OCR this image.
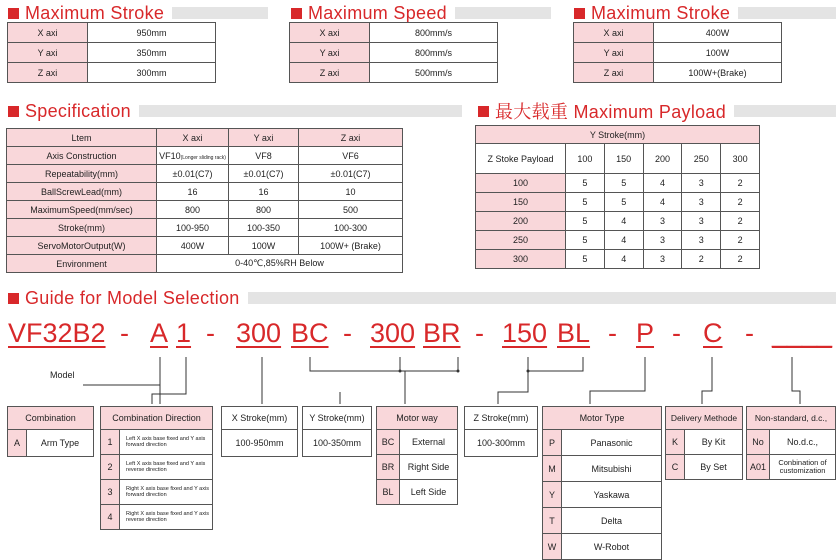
Maximum Stroke	Maximum Speed	Maximum Stroke
X axi	950mm
Y axi	350mm
Z axi	300mm
X axi	800mm/s
Y axi	800mm/s
Z axi	500mm/s
X axi	400W
Y axi	100W
Z axi	100W+(Brake)
Specification
Ltem	X axi	Y axi	Z axi
Axis Construction	VF10(Longer sliding rack)	VF8	VF6
Repeatability(mm)	±0.01(C7)	±0.01(C7)	±0.01(C7)
BallScrewLead(mm)	16	16	10
MaximumSpeed(mm/sec)	800	800	500
Stroke(mm)	100-950	100-350	100-300
ServoMotorOutput(W)	400W	100W	100W+ (Brake)
Environment	0-40℃,85%RH Below		
最大载重 Maximum Payload
Y Stroke(mm)					
Z Stoke Payload	100	150	200	250	300
100	5	5	4	3	2
150	5	5	4	3	2
200	5	4	3	3	2
250	5	4	3	3	2
300	5	4	3	2	2
Guide for Model Selection
VF32B2 - A 1 - 300 BC - 300 BR - 150 BL - P - C - ____
Model
Combination
A	Arm Type
Combination Direction
1	Left X axis base fixed and Y axis forward direction
2	Left X axis base fixed and Y axis reverse direction
3	Right X axis base fixed and Y axis forward direction
4	Right X axis base fixed and Y axis reverse direction
X Stroke(mm)
100-950mm
Y Stroke(mm)
100-350mm
Motor way
BC	External
BR	Right Side
BL	Left Side
Z Stroke(mm)
100-300mm
Motor Type
P	Panasonic
M	Mitsubishi
Y	Yaskawa
T	Delta
W	W-Robot
Delivery Methode
K	By Kit
C	By Set
Non-standard, d.c.,
No	No.d.c.,
A01	Conbination of customization
